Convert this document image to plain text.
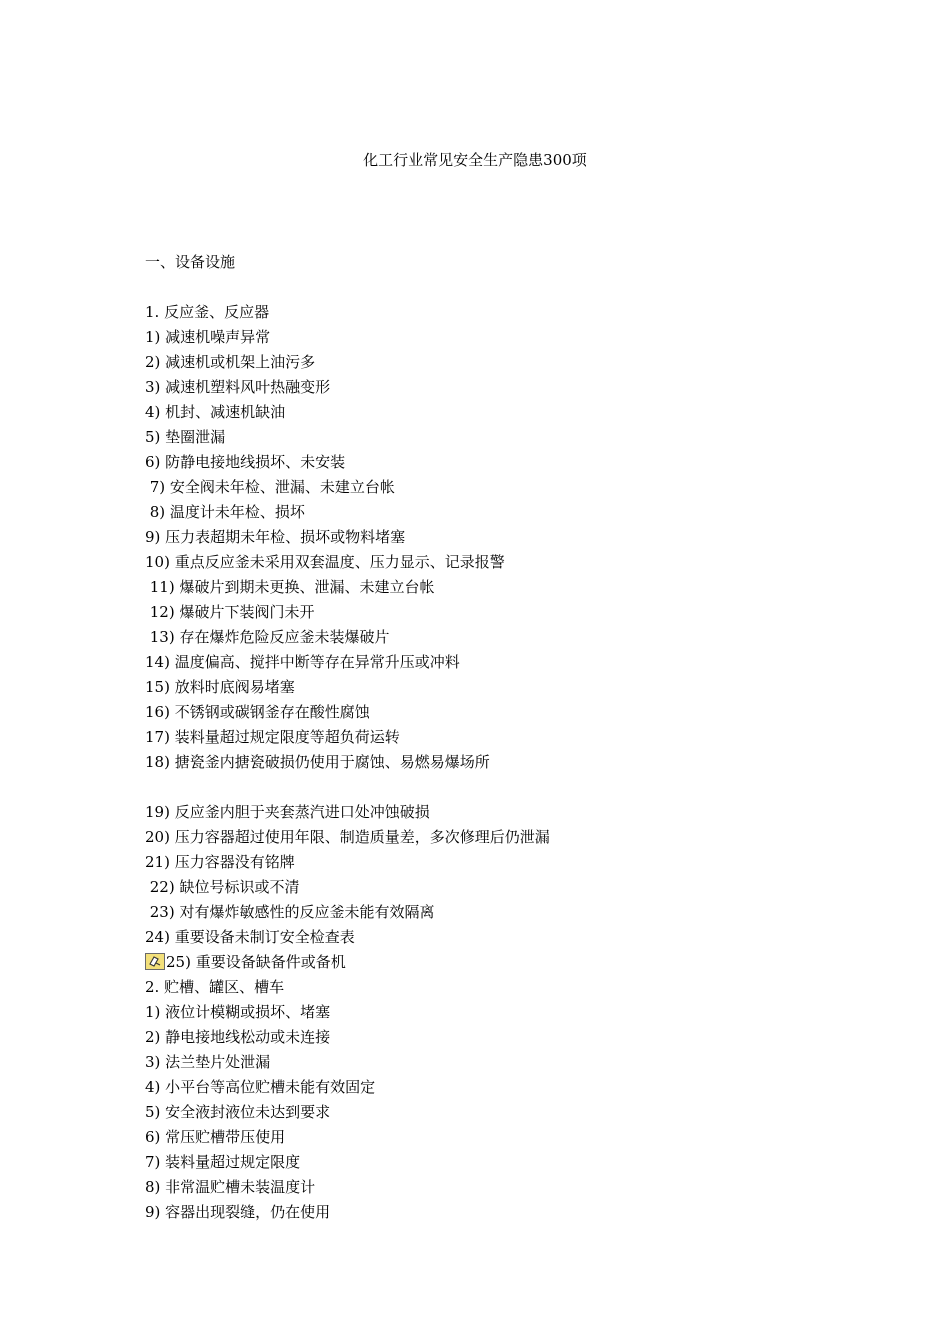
化工行业常见安全生产隐患300项
一、设备设施
1. 反应釜、反应器
1) 减速机噪声异常
2) 减速机或机架上油污多
3) 减速机塑料风叶热融变形
4) 机封、减速机缺油
5) 垫圈泄漏
6) 防静电接地线损坏、未安装
7) 安全阀未年检、泄漏、未建立台帐
8) 温度计未年检、损坏
9) 压力表超期未年检、损坏或物料堵塞
10) 重点反应釜未采用双套温度、压力显示、记录报警
11) 爆破片到期未更换、泄漏、未建立台帐
12) 爆破片下装阀门未开
13) 存在爆炸危险反应釜未装爆破片
14) 温度偏高、搅拌中断等存在异常升压或冲料
15) 放料时底阀易堵塞
16) 不锈钢或碳钢釜存在酸性腐蚀
17) 装料量超过规定限度等超负荷运转
18) 搪瓷釜内搪瓷破损仍使用于腐蚀、易燃易爆场所
19) 反应釜内胆于夹套蒸汽进口处冲蚀破损
20) 压力容器超过使用年限、制造质量差，多次修理后仍泄漏
21) 压力容器没有铭牌
22) 缺位号标识或不清
23) 对有爆炸敏感性的反应釜未能有效隔离
24) 重要设备未制订安全检查表
25) 重要设备缺备件或备机
2. 贮槽、罐区、槽车
1) 液位计模糊或损坏、堵塞
2) 静电接地线松动或未连接
3) 法兰垫片处泄漏
4) 小平台等高位贮槽未能有效固定
5) 安全液封液位未达到要求
6) 常压贮槽带压使用
7) 装料量超过规定限度
8) 非常温贮槽未装温度计
9) 容器出现裂缝，仍在使用
